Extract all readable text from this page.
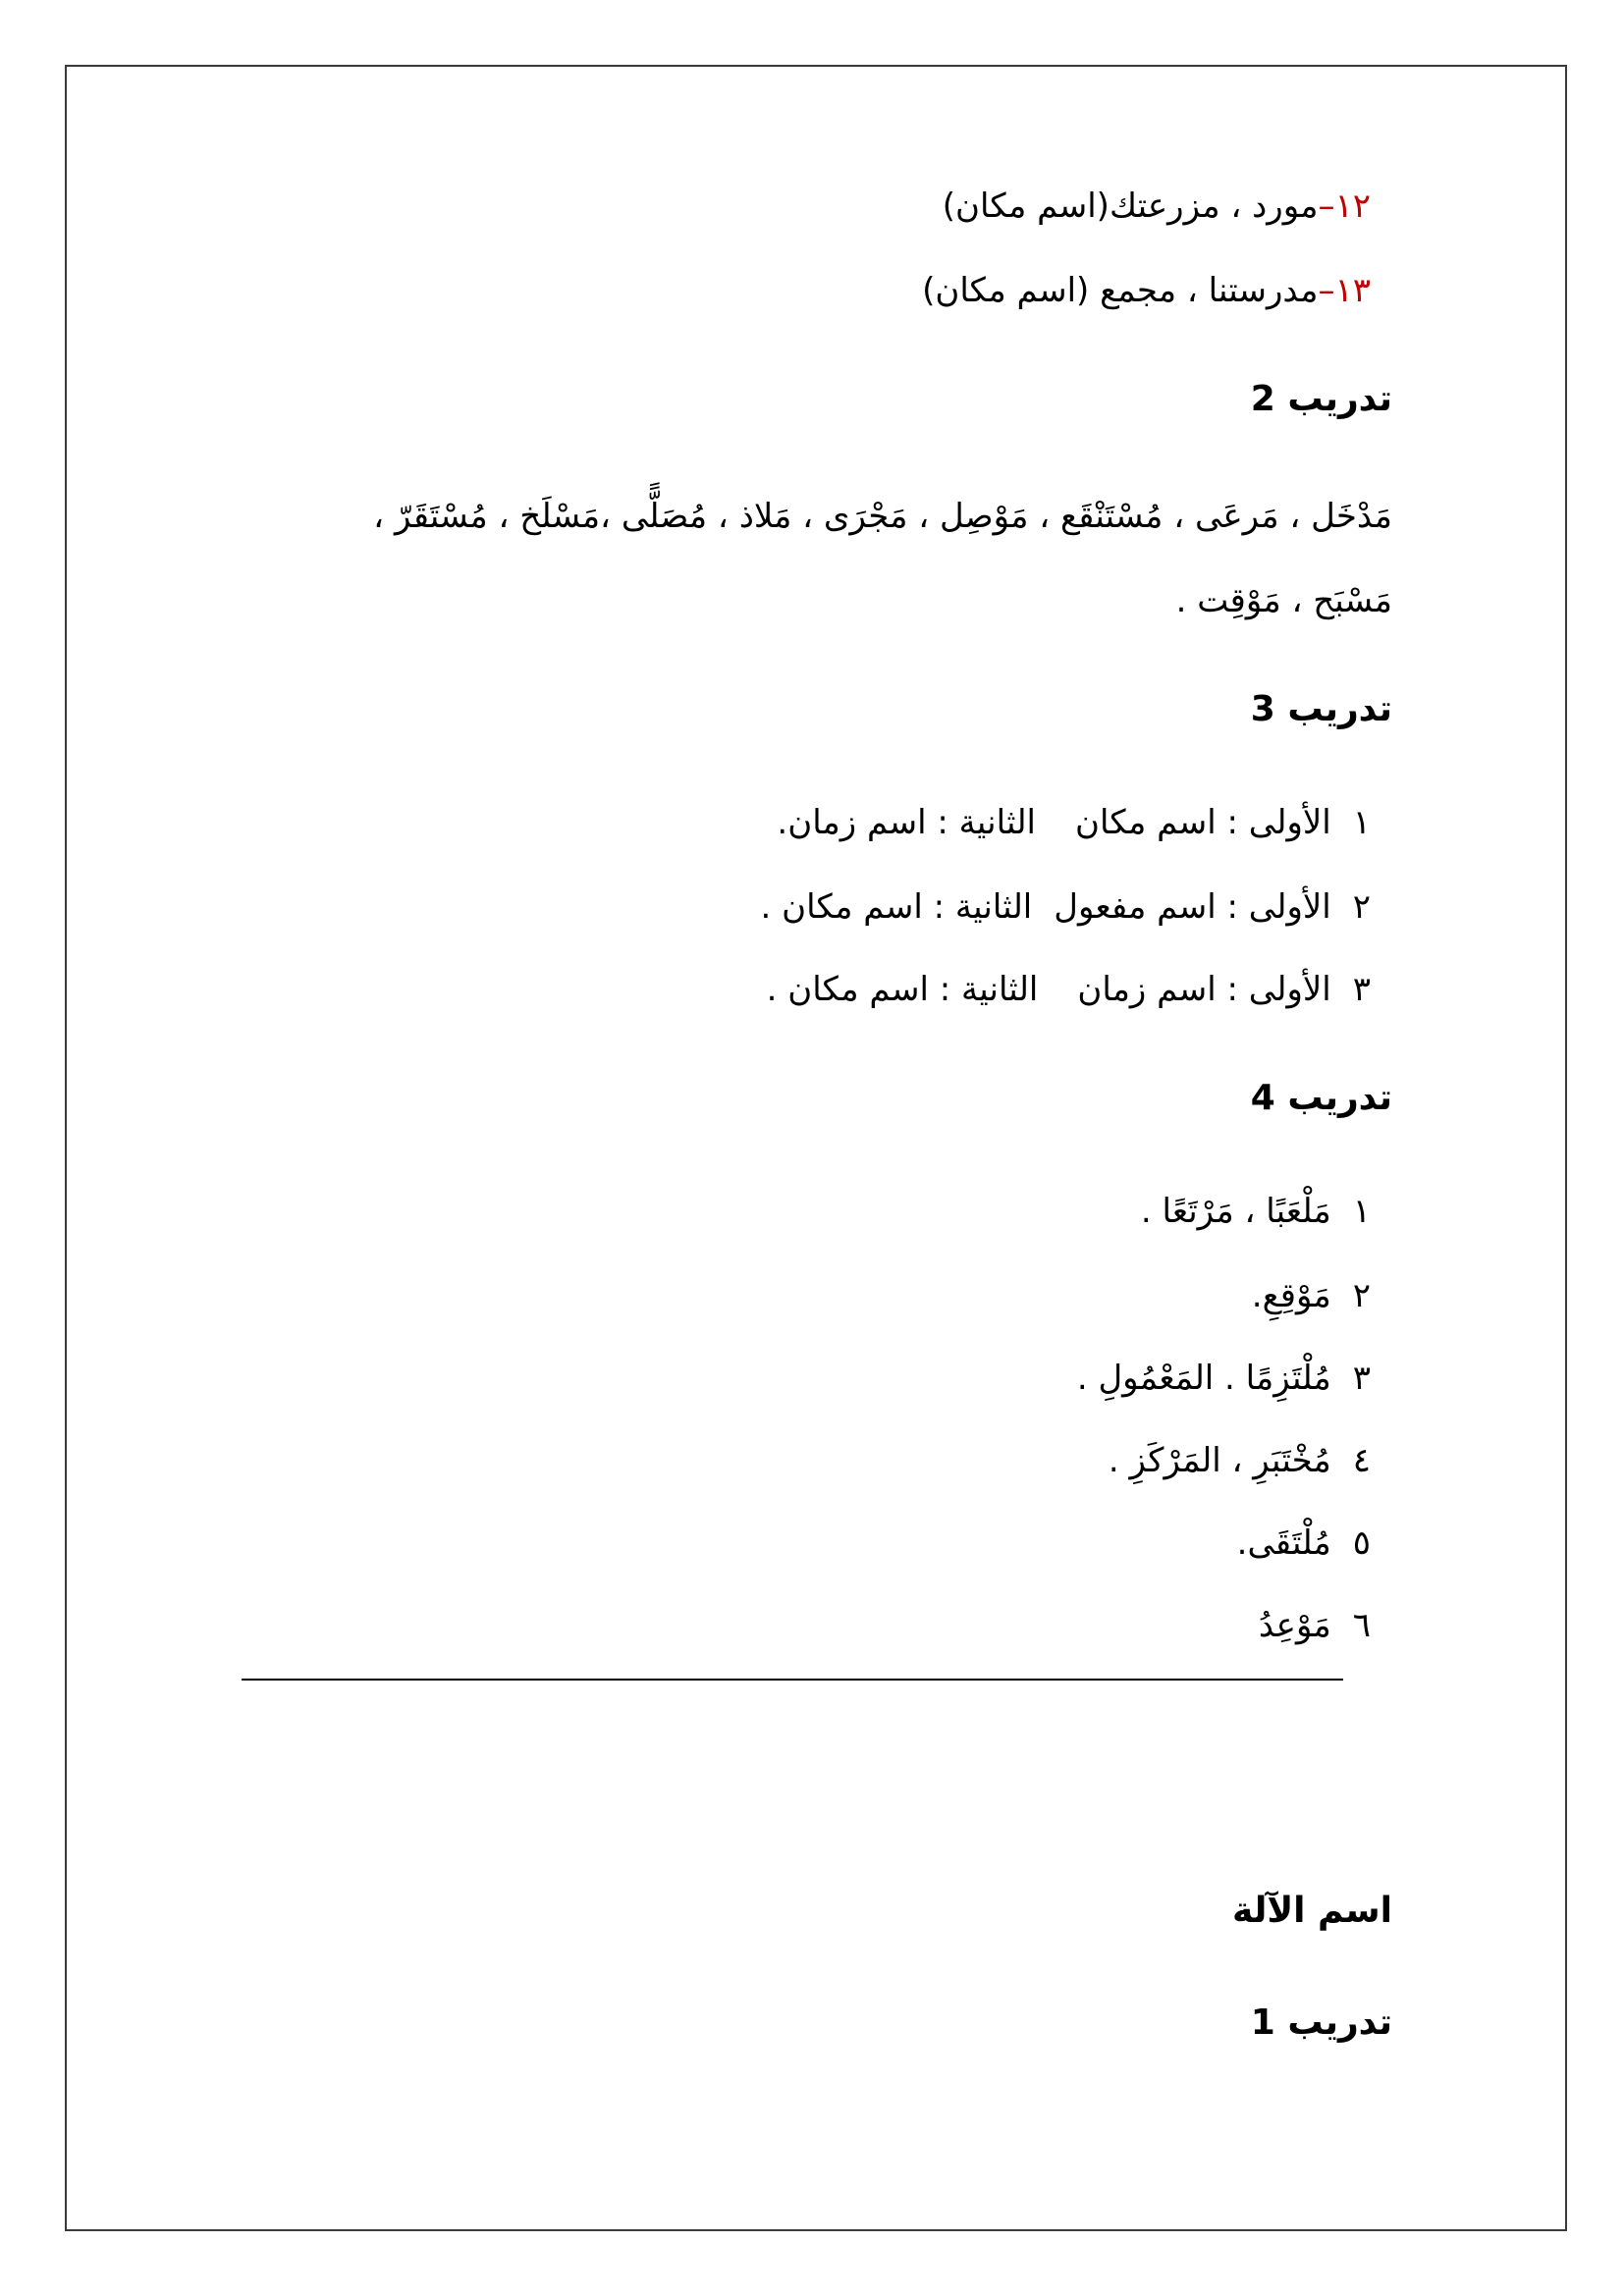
١٢–مورد ، مزرعتك(اسم مكان)
١٣–مدرستنا ، مجمع (اسم مكان)
تدريب 2
مَدْخَل ، مَرعَى ، مُسْتَنْقَع ، مَوْصِل ، مَجْرَى ، مَلاذ ، مُصَلًّى ،مَسْلَخ ، مُسْتَقَرّ ،
مَسْبَح ، مَوْقِت .
تدريب 3
١الأولى : اسم مكانالثانية : اسم زمان.
٢الأولى : اسم مفعولالثانية : اسم مكان .
٣الأولى : اسم زمانالثانية : اسم مكان .
تدريب 4
١مَلْعَبًا ، مَرْتَعًا .
٢مَوْقِعِ.
٣مُلْتَزِمًا . المَعْمُولِ .
٤مُخْتَبَرِ ، المَرْكَزِ .
٥مُلْتَقَى.
٦مَوْعِدُ
اسم الآلة
تدريب 1
